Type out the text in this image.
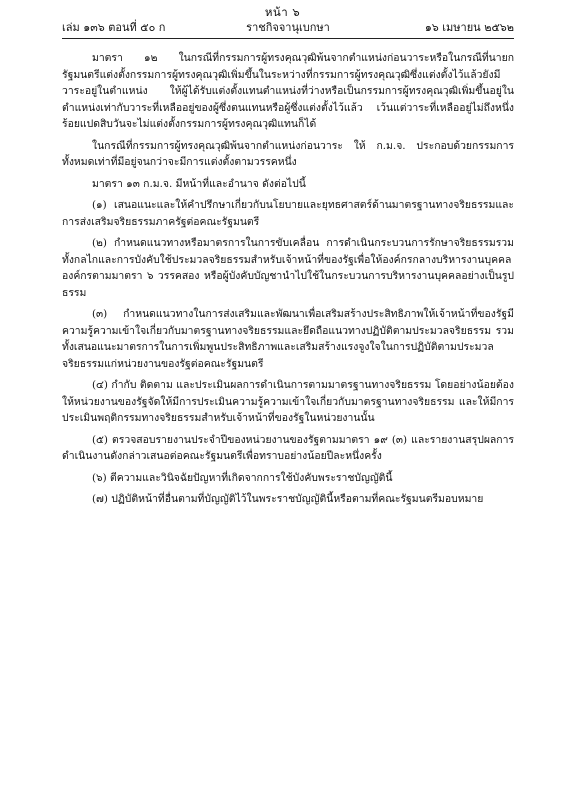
หน้า ๖
ราชกิจจานุเบกษา
เล่ม ๑๓๖ ตอนที่ ๕๐ ก	๑๖ เมษายน ๒๕๖๒

มาตรา ๑๒ ในกรณีที่กรรมการผู้ทรงคุณวุฒิพ้นจากตำแหน่งก่อนวาระหรือในกรณีที่นายกรัฐมนตรีแต่งตั้งกรรมการผู้ทรงคุณวุฒิเพิ่มขึ้นในระหว่างที่กรรมการผู้ทรงคุณวุฒิซึ่งแต่งตั้งไว้แล้วยังมีวาระอยู่ในตำแหน่ง ให้ผู้ได้รับแต่งตั้งแทนตำแหน่งที่ว่างหรือเป็นกรรมการผู้ทรงคุณวุฒิเพิ่มขึ้นอยู่ในตำแหน่งเท่ากับวาระที่เหลืออยู่ของผู้ซึ่งตนแทนหรือผู้ซึ่งแต่งตั้งไว้แล้ว เว้นแต่วาระที่เหลืออยู่ไม่ถึงหนึ่งร้อยแปดสิบวันจะไม่แต่งตั้งกรรมการผู้ทรงคุณวุฒิแทนก็ได้

ในกรณีที่กรรมการผู้ทรงคุณวุฒิพ้นจากตำแหน่งก่อนวาระ ให้ ก.ม.จ. ประกอบด้วยกรรมการทั้งหมดเท่าที่มีอยู่จนกว่าจะมีการแต่งตั้งตามวรรคหนึ่ง

มาตรา ๑๓ ก.ม.จ. มีหน้าที่และอำนาจ ดังต่อไปนี้

(๑) เสนอแนะและให้คำปรึกษาเกี่ยวกับนโยบายและยุทธศาสตร์ด้านมาตรฐานทางจริยธรรมและการส่งเสริมจริยธรรมภาครัฐต่อคณะรัฐมนตรี

(๒) กำหนดแนวทางหรือมาตรการในการขับเคลื่อน การดำเนินกระบวนการรักษาจริยธรรมรวมทั้งกลไกและการบังคับใช้ประมวลจริยธรรมสำหรับเจ้าหน้าที่ของรัฐเพื่อให้องค์กรกลางบริหารงานบุคคล องค์กรตามมาตรา ๖ วรรคสอง หรือผู้บังคับบัญชานำไปใช้ในกระบวนการบริหารงานบุคคลอย่างเป็นรูปธรรม

(๓) กำหนดแนวทางในการส่งเสริมและพัฒนาเพื่อเสริมสร้างประสิทธิภาพให้เจ้าหน้าที่ของรัฐมีความรู้ความเข้าใจเกี่ยวกับมาตรฐานทางจริยธรรมและยึดถือแนวทางปฏิบัติตามประมวลจริยธรรม รวมทั้งเสนอแนะมาตรการในการเพิ่มพูนประสิทธิภาพและเสริมสร้างแรงจูงใจในการปฏิบัติตามประมวลจริยธรรมแก่หน่วยงานของรัฐต่อคณะรัฐมนตรี

(๔) กำกับ ติดตาม และประเมินผลการดำเนินการตามมาตรฐานทางจริยธรรม โดยอย่างน้อยต้องให้หน่วยงานของรัฐจัดให้มีการประเมินความรู้ความเข้าใจเกี่ยวกับมาตรฐานทางจริยธรรม และให้มีการประเมินพฤติกรรมทางจริยธรรมสำหรับเจ้าหน้าที่ของรัฐในหน่วยงานนั้น

(๕) ตรวจสอบรายงานประจำปีของหน่วยงานของรัฐตามมาตรา ๑๙ (๓) และรายงานสรุปผลการดำเนินงานดังกล่าวเสนอต่อคณะรัฐมนตรีเพื่อทราบอย่างน้อยปีละหนึ่งครั้ง

(๖) ตีความและวินิจฉัยปัญหาที่เกิดจากการใช้บังคับพระราชบัญญัตินี้

(๗) ปฏิบัติหน้าที่อื่นตามที่บัญญัติไว้ในพระราชบัญญัตินี้หรือตามที่คณะรัฐมนตรีมอบหมาย
